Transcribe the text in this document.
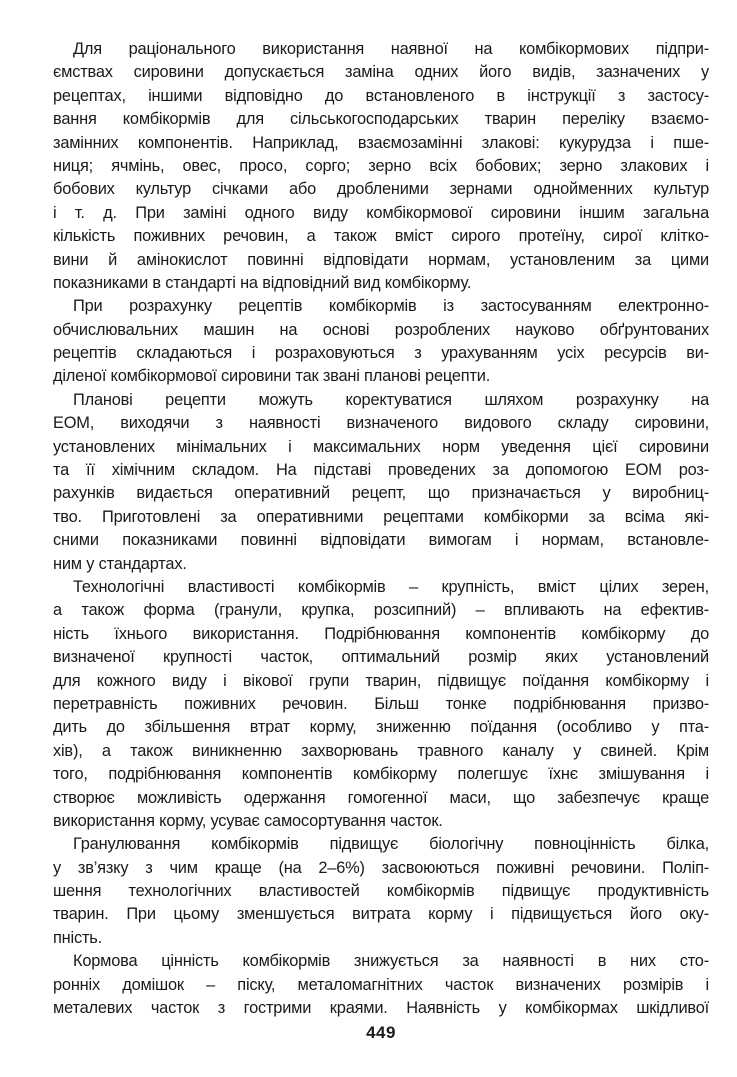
Для раціонального використання наявної на комбікормових підпри-
ємствах сировини допускається заміна одних його видів, зазначених у
рецептах, іншими відповідно до встановленого в інструкції з застосу-
вання комбікормів для сільськогосподарських тварин переліку взаємо-
замінних компонентів. Наприклад, взаємозамінні злакові: кукурудза і пше-
ниця; ячмінь, овес, просо, сорго; зерно всіх бобових; зерно злакових і
бобових культур січками або дробленими зернами однойменних культур
і т. д. При заміні одного виду комбікормової сировини іншим загальна
кількість поживних речовин, а також вміст сирого протеїну, сирої клітко-
вини й амінокислот повинні відповідати нормам, установленим за цими
показниками в стандарті на відповідний вид комбікорму.
При розрахунку рецептів комбікормів із застосуванням електронно-
обчислювальних машин на основі розроблених науково обґрунтованих
рецептів складаються і розраховуються з урахуванням усіх ресурсів ви-
діленої комбікормової сировини так звані планові рецепти.
Планові рецепти можуть коректуватися шляхом розрахунку на
ЕОМ, виходячи з наявності визначеного видового складу сировини,
установлених мінімальних і максимальних норм уведення цієї сировини
та її хімічним складом. На підставі проведених за допомогою ЕОМ роз-
рахунків видається оперативний рецепт, що призначається у виробниц-
тво. Приготовлені за оперативними рецептами комбікорми за всіма які-
сними показниками повинні відповідати вимогам і нормам, встановле-
ним у стандартах.
Технологічні властивості комбікормів – крупність, вміст цілих зерен,
а також форма (гранули, крупка, розсипний) – впливають на ефектив-
ність їхнього використання. Подрібнювання компонентів комбікорму до
визначеної крупності часток, оптимальний розмір яких установлений
для кожного виду і вікової групи тварин, підвищує поїдання комбікорму і
перетравність поживних речовин. Більш тонке подрібнювання призво-
дить до збільшення втрат корму, зниженню поїдання (особливо у пта-
хів), а також виникненню захворювань травного каналу у свиней. Крім
того, подрібнювання компонентів комбікорму полегшує їхнє змішування і
створює можливість одержання гомогенної маси, що забезпечує краще
використання корму, усуває самосортування часток.
Гранулювання комбікормів підвищує біологічну повноцінність білка,
у зв’язку з чим краще (на 2–6%) засвоюються поживні речовини. Поліп-
шення технологічних властивостей комбікормів підвищує продуктивність
тварин. При цьому зменшується витрата корму і підвищується його оку-
пність.
Кормова цінність комбікормів знижується за наявності в них сто-
ронніх домішок – піску, металомагнітних часток визначених розмірів і
металевих часток з гострими краями. Наявність у комбікормах шкідливої
449
